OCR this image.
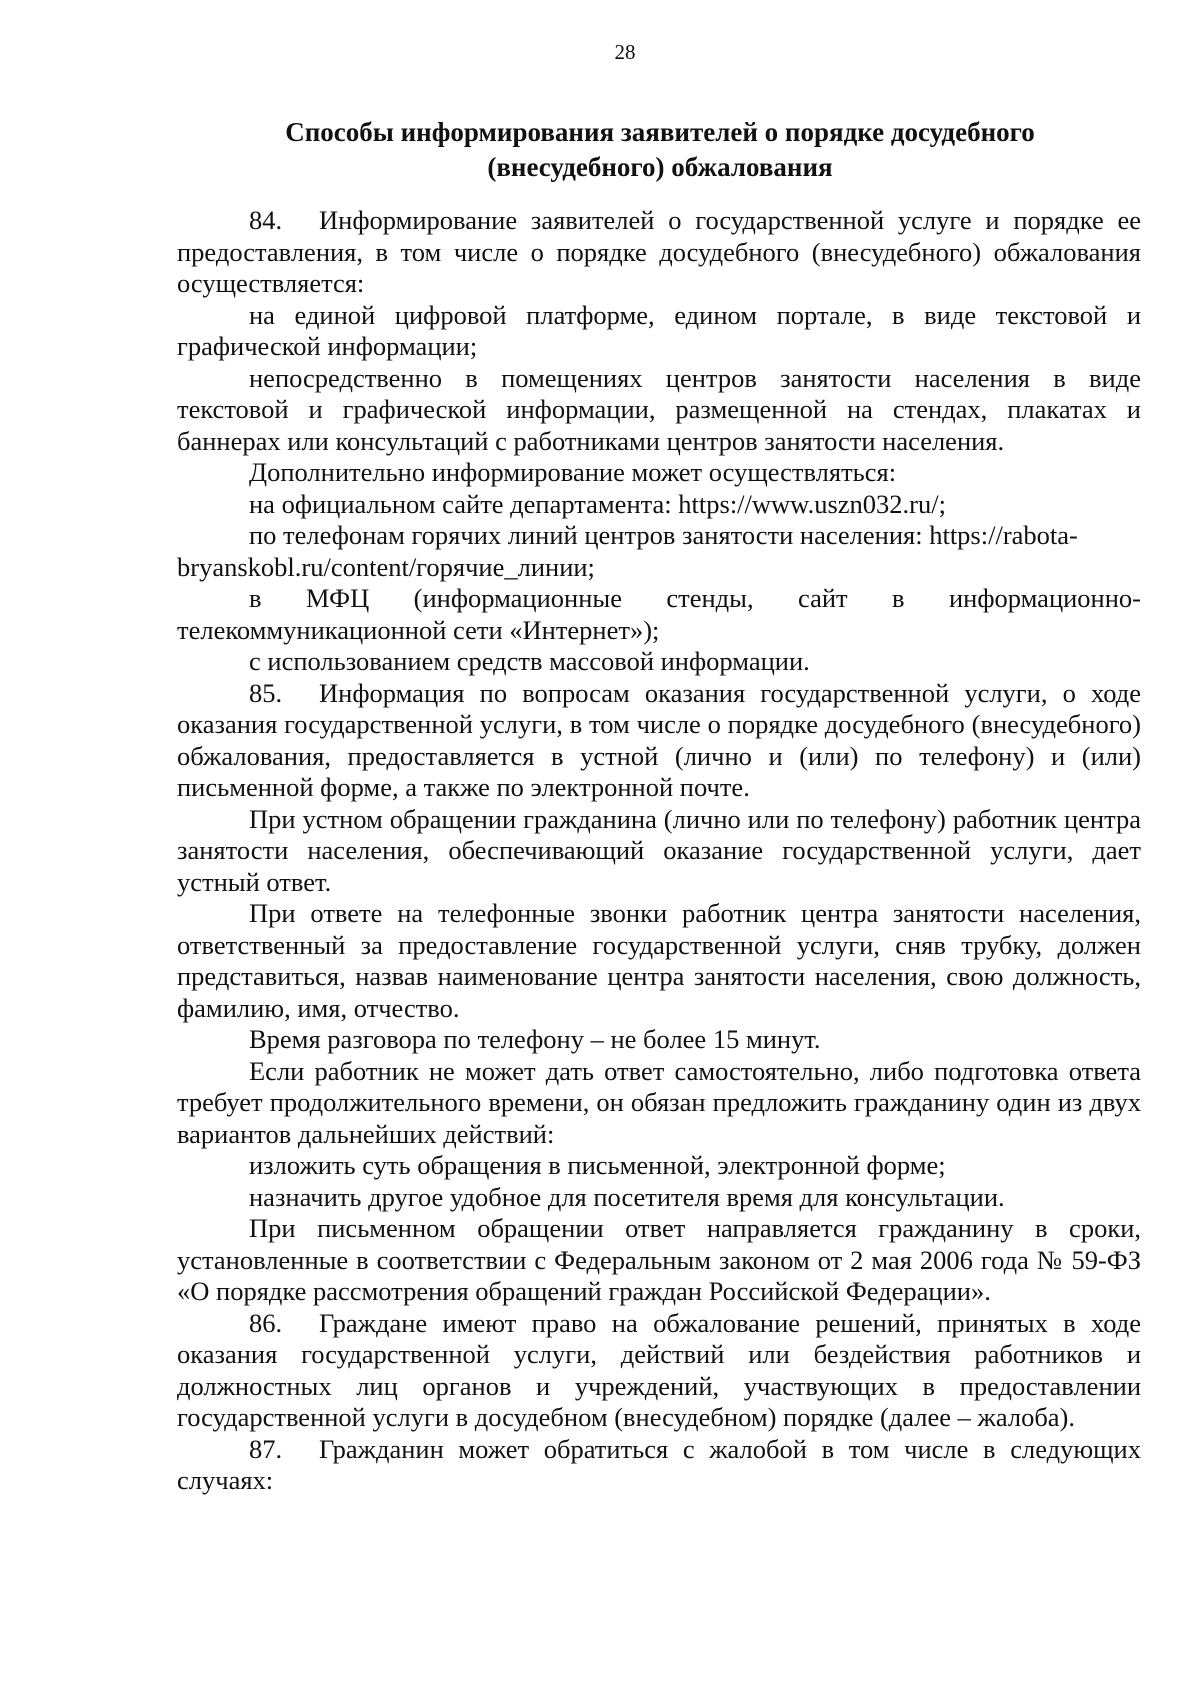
28
Способы информирования заявителей о порядке досудебного
(внесудебного) обжалования

84. Информирование заявителей о государственной услуге и порядке ее предоставления, в том числе о порядке досудебного (внесудебного) обжалования осуществляется:

на единой цифровой платформе, едином портале, в виде текстовой и графической информации;

непосредственно в помещениях центров занятости населения в виде текстовой и графической информации, размещенной на стендах, плакатах и баннерах или консультаций с работниками центров занятости населения.

Дополнительно информирование может осуществляться:

на официальном сайте департамента: https://www.uszn032.ru/;

по телефонам горячих линий центров занятости населения: https://rabota-bryanskobl.ru/content/горячие_линии;

в МФЦ (информационные стенды, сайт в информационно-телекоммуникационной сети «Интернет»);

с использованием средств массовой информации.

85. Информация по вопросам оказания государственной услуги, о ходе оказания государственной услуги, в том числе о порядке досудебного (внесудебного) обжалования, предоставляется в устной (лично и (или) по телефону) и (или) письменной форме, а также по электронной почте.

При устном обращении гражданина (лично или по телефону) работник центра занятости населения, обеспечивающий оказание государственной услуги, дает устный ответ.

При ответе на телефонные звонки работник центра занятости населения, ответственный за предоставление государственной услуги, сняв трубку, должен представиться, назвав наименование центра занятости населения, свою должность, фамилию, имя, отчество.

Время разговора по телефону – не более 15 минут.

Если работник не может дать ответ самостоятельно, либо подготовка ответа требует продолжительного времени, он обязан предложить гражданину один из двух вариантов дальнейших действий:

изложить суть обращения в письменной, электронной форме;

назначить другое удобное для посетителя время для консультации.

При письменном обращении ответ направляется гражданину в сроки, установленные в соответствии с Федеральным законом от 2 мая 2006 года № 59-ФЗ «О порядке рассмотрения обращений граждан Российской Федерации».

86. Граждане имеют право на обжалование решений, принятых в ходе оказания государственной услуги, действий или бездействия работников и должностных лиц органов и учреждений, участвующих в предоставлении государственной услуги в досудебном (внесудебном) порядке (далее – жалоба).

87. Гражданин может обратиться с жалобой в том числе в следующих случаях:
